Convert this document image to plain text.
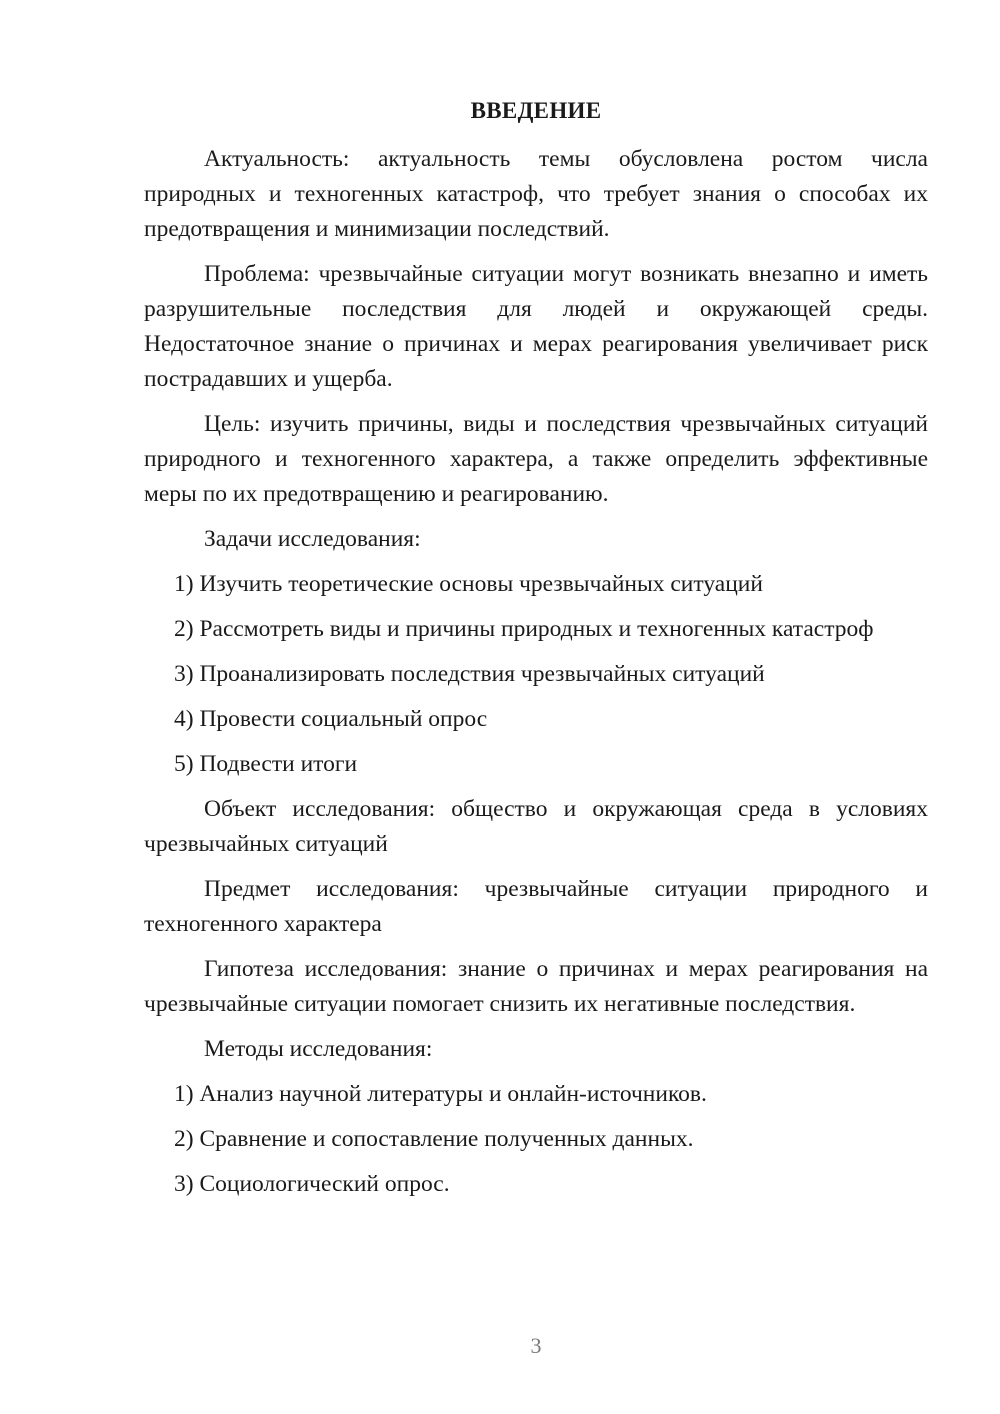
ВВЕДЕНИЕ

Актуальность: актуальность темы обусловлена ростом числа природных и техногенных катастроф, что требует знания о способах их предотвращения и минимизации последствий.

Проблема: чрезвычайные ситуации могут возникать внезапно и иметь разрушительные последствия для людей и окружающей среды. Недостаточное знание о причинах и мерах реагирования увеличивает риск пострадавших и ущерба.

Цель: изучить причины, виды и последствия чрезвычайных ситуаций природного и техногенного характера, а также определить эффективные меры по их предотвращению и реагированию.

Задачи исследования:

1) Изучить теоретические основы чрезвычайных ситуаций

2) Рассмотреть виды и причины природных и техногенных катастроф

3) Проанализировать последствия чрезвычайных ситуаций

4) Провести социальный опрос

5) Подвести итоги

Объект исследования: общество и окружающая среда в условиях чрезвычайных ситуаций

Предмет исследования: чрезвычайные ситуации природного и техногенного характера

Гипотеза исследования: знание о причинах и мерах реагирования на чрезвычайные ситуации помогает снизить их негативные последствия.

Методы исследования:

1) Анализ научной литературы и онлайн-источников.

2) Сравнение и сопоставление полученных данных.

3) Социологический опрос.

3
